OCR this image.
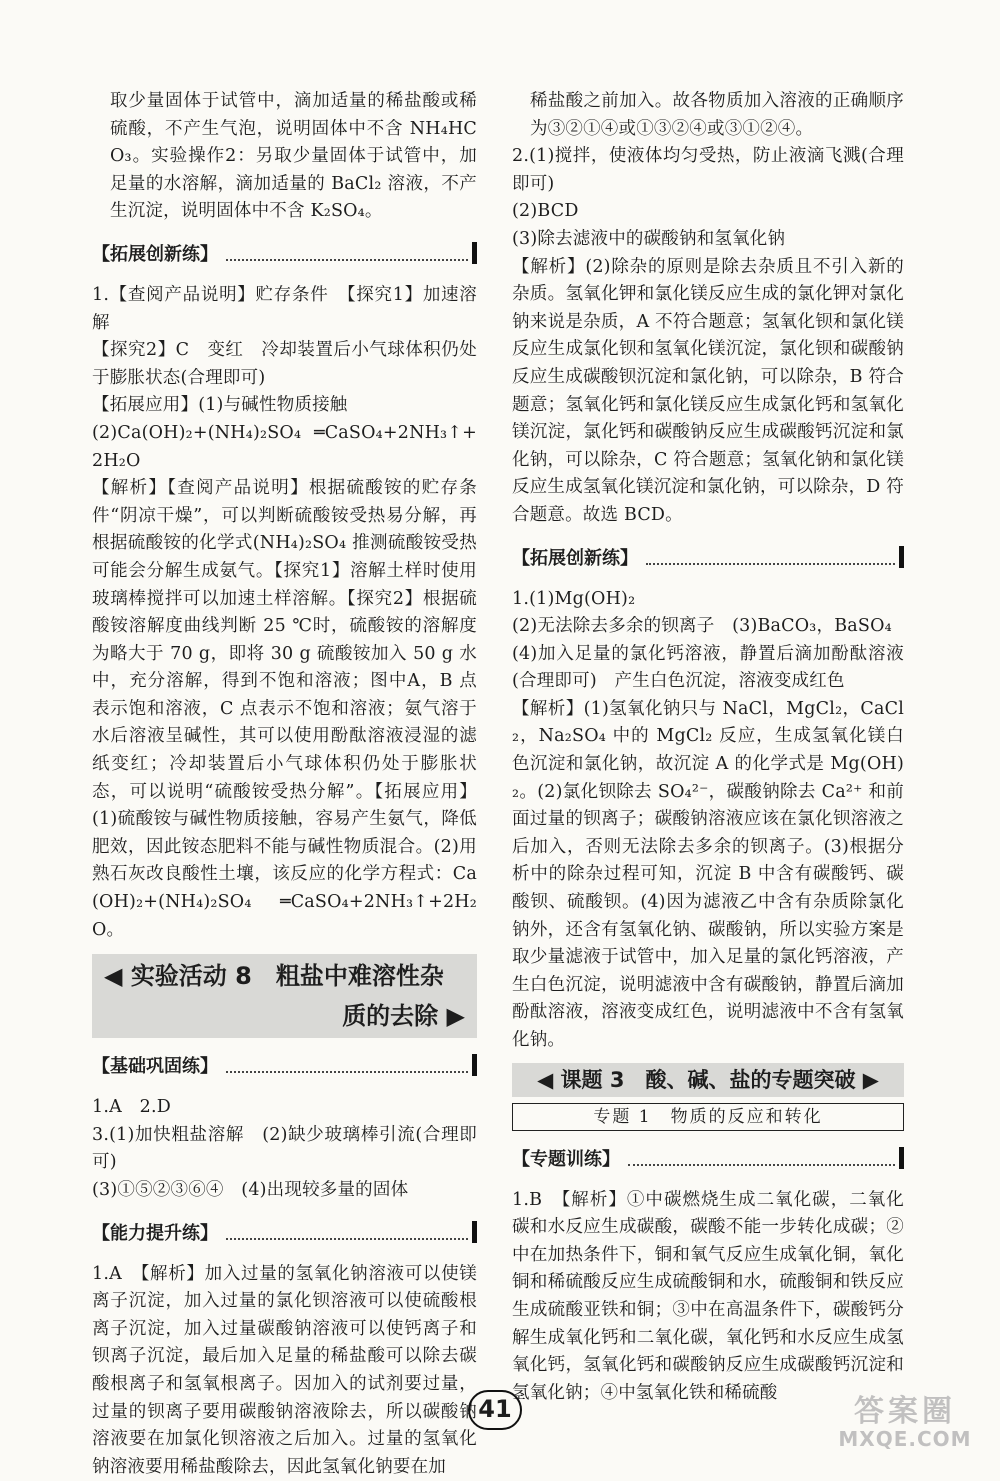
取少量固体于试管中，滴加适量的稀盐酸或稀硫酸，不产生气泡，说明固体中不含 NH₄HCO₃。实验操作2：另取少量固体于试管中，加足量的水溶解，滴加适量的 BaCl₂ 溶液，不产生沉淀，说明固体中不含 K₂SO₄。

【拓展创新练】

1.【查阅产品说明】贮存条件　【探究1】加速溶解
【探究2】C　变红　冷却装置后小气球体积仍处于膨胀状态(合理即可)
【拓展应用】(1)与碱性物质接触
(2)Ca(OH)₂+(NH₄)₂SO₄ ═CaSO₄+2NH₃↑+2H₂O
【解析】【查阅产品说明】根据硫酸铵的贮存条件“阴凉干燥”，可以判断硫酸铵受热易分解，再根据硫酸铵的化学式(NH₄)₂SO₄ 推测硫酸铵受热可能会分解生成氨气。【探究1】溶解土样时使用玻璃棒搅拌可以加速土样溶解。【探究2】根据硫酸铵溶解度曲线判断 25 ℃时，硫酸铵的溶解度为略大于 70 g，即将 30 g 硫酸铵加入 50 g 水中，充分溶解，得到不饱和溶液；图中A，B 点表示饱和溶液，C 点表示不饱和溶液；氨气溶于水后溶液呈碱性，其可以使用酚酞溶液浸湿的滤纸变红；冷却装置后小气球体积仍处于膨胀状态，可以说明“硫酸铵受热分解”。【拓展应用】(1)硫酸铵与碱性物质接触，容易产生氨气，降低肥效，因此铵态肥料不能与碱性物质混合。(2)用熟石灰改良酸性土壤，该反应的化学方程式：Ca(OH)₂+(NH₄)₂SO₄ ═CaSO₄+2NH₃↑+2H₂O。

◀ 实验活动 8　粗盐中难溶性杂
质的去除 ▶
【基础巩固练】

1.A　2.D
3.(1)加快粗盐溶解　(2)缺少玻璃棒引流(合理即可)
(3)①⑤②③⑥④　(4)出现较多量的固体

【能力提升练】

1.A　【解析】加入过量的氢氧化钠溶液可以使镁离子沉淀，加入过量的氯化钡溶液可以使硫酸根离子沉淀，加入过量碳酸钠溶液可以使钙离子和钡离子沉淀，最后加入足量的稀盐酸可以除去碳酸根离子和氢氧根离子。因加入的试剂要过量，过量的钡离子要用碳酸钠溶液除去，所以碳酸钠溶液要在加氯化钡溶液之后加入。过量的氢氧化钠溶液要用稀盐酸除去，因此氢氧化钠要在加

稀盐酸之前加入。故各物质加入溶液的正确顺序为③②①④或①③②④或③①②④。

2.(1)搅拌，使液体均匀受热，防止液滴飞溅(合理即可)
(2)BCD
(3)除去滤液中的碳酸钠和氢氧化钠
【解析】(2)除杂的原则是除去杂质且不引入新的杂质。氢氧化钾和氯化镁反应生成的氯化钾对氯化钠来说是杂质，A 不符合题意；氢氧化钡和氯化镁反应生成氯化钡和氢氧化镁沉淀，氯化钡和碳酸钠反应生成碳酸钡沉淀和氯化钠，可以除杂，B 符合题意；氢氧化钙和氯化镁反应生成氯化钙和氢氧化镁沉淀，氯化钙和碳酸钠反应生成碳酸钙沉淀和氯化钠，可以除杂，C 符合题意；氢氧化钠和氯化镁反应生成氢氧化镁沉淀和氯化钠，可以除杂，D 符合题意。故选 BCD。

【拓展创新练】

1.(1)Mg(OH)₂
(2)无法除去多余的钡离子　(3)BaCO₃，BaSO₄
(4)加入足量的氯化钙溶液，静置后滴加酚酞溶液(合理即可)　产生白色沉淀，溶液变成红色
【解析】(1)氢氧化钠只与 NaCl，MgCl₂，CaCl₂，Na₂SO₄ 中的 MgCl₂ 反应，生成氢氧化镁白色沉淀和氯化钠，故沉淀 A 的化学式是 Mg(OH)₂。(2)氯化钡除去 SO₄²⁻，碳酸钠除去 Ca²⁺ 和前面过量的钡离子；碳酸钠溶液应该在氯化钡溶液之后加入，否则无法除去多余的钡离子。(3)根据分析中的除杂过程可知，沉淀 B 中含有碳酸钙、碳酸钡、硫酸钡。(4)因为滤液乙中含有杂质除氯化钠外，还含有氢氧化钠、碳酸钠，所以实验方案是取少量滤液于试管中，加入足量的氯化钙溶液，产生白色沉淀，说明滤液中含有碳酸钠，静置后滴加酚酞溶液，溶液变成红色，说明滤液中不含有氢氧化钠。

◀ 课题 3　酸、碱、盐的专题突破 ▶
专题 1　物质的反应和转化
【专题训练】

1.B　【解析】①中碳燃烧生成二氧化碳，二氧化碳和水反应生成碳酸，碳酸不能一步转化成碳；②中在加热条件下，铜和氧气反应生成氧化铜，氧化铜和稀硫酸反应生成硫酸铜和水，硫酸铜和铁反应生成硫酸亚铁和铜；③中在高温条件下，碳酸钙分解生成氧化钙和二氧化碳，氧化钙和水反应生成氢氧化钙，氢氧化钙和碳酸钠反应生成碳酸钙沉淀和氢氧化钠；④中氢氧化铁和稀硫酸

41	答案圈
MXQE.COM
